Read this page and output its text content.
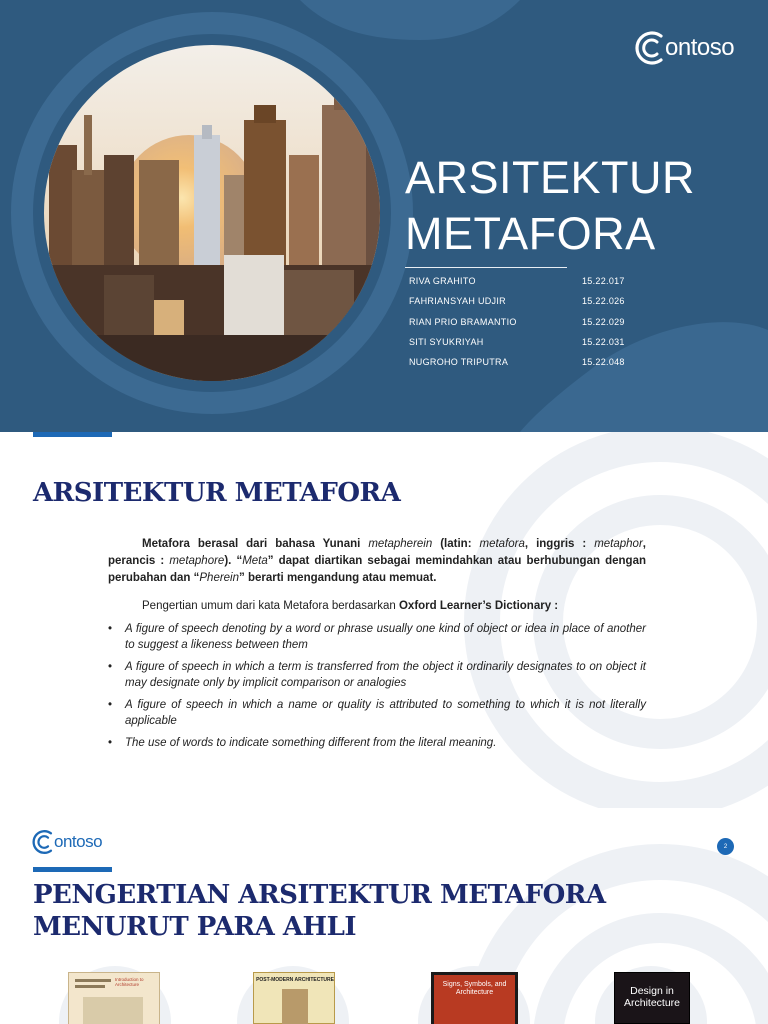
ontoso
ARSITEKTUR
METAFORA
RIVA GRAHITO	15.22.017
FAHRIANSYAH UDJIR	15.22.026
RIAN PRIO BRAMANTIO	15.22.029
SITI SYUKRIYAH	15.22.031
NUGROHO TRIPUTRA	15.22.048
ARSITEKTUR METAFORA

Metafora berasal dari bahasa Yunani metapherein (latin: metafora, inggris : metaphor, perancis : metaphore). “Meta” dapat diartikan sebagai memindahkan atau berhubungan dengan perubahan dan “Pherein” berarti mengandung atau memuat.

Pengertian umum dari kata Metafora berdasarkan Oxford Learner’s Dictionary :

• A figure of speech denoting by a word or phrase usually one kind of object or idea in place of another to suggest a likeness between them
• A figure of speech in which a term is transferred from the object it ordinarily designates to on object it may designate only by implicit comparison or analogies
• A figure of speech in which a name or quality is attributed to something to which it is not literally applicable
• The use of words to indicate something different from the literal meaning.
ontoso	2
PENGERTIAN ARSITEKTUR METAFORA
MENURUT PARA AHLI
Introduction to Architecture
POST-MODERN ARCHITECTURE
Signs, Symbols, and Architecture	Design in Architecture
